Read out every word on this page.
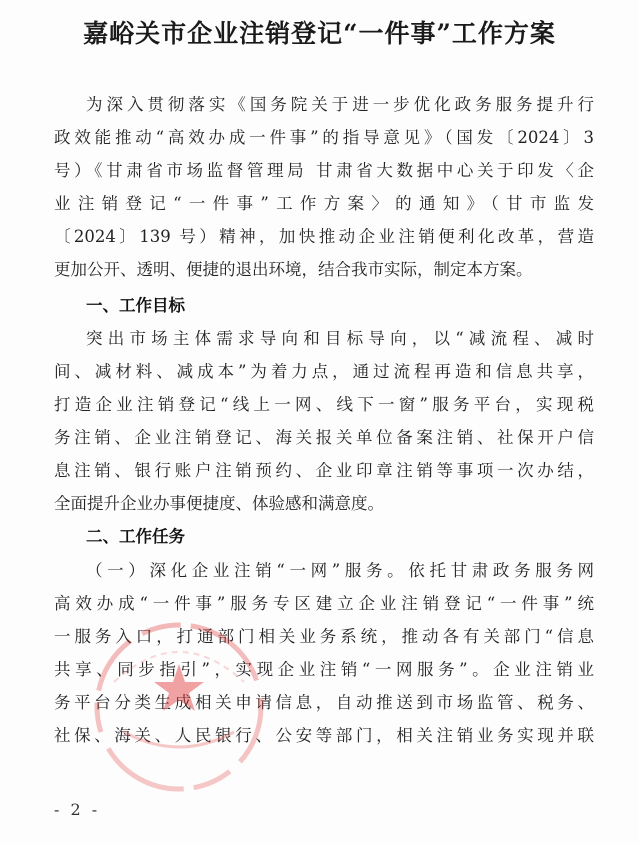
嘉峪关市企业注销登记“一件事”工作方案
为深入贯彻落实《国务院关于进一步优化政务服务提升行
政效能推动“高效办成一件事”的指导意见》（国发〔2024〕3
号）《甘肃省市场监督管理局 甘肃省大数据中心关于印发〈企
业注销登记“一件事”工作方案〉的通知》（甘市监发
〔2024〕139 号）精神，加快推动企业注销便利化改革，营造
更加公开、透明、便捷的退出环境，结合我市实际，制定本方案。
一、工作目标
突出市场主体需求导向和目标导向，以“减流程、减时
间、减材料、减成本”为着力点，通过流程再造和信息共享，
打造企业注销登记“线上一网、线下一窗”服务平台，实现税
务注销、企业注销登记、海关报关单位备案注销、社保开户信
息注销、银行账户注销预约、企业印章注销等事项一次办结，
全面提升企业办事便捷度、体验感和满意度。
二、工作任务
（一）深化企业注销“一网”服务。依托甘肃政务服务网
高效办成“一件事”服务专区建立企业注销登记“一件事”统
一服务入口，打通部门相关业务系统，推动各有关部门“信息
共享、同步指引”，实现企业注销“一网服务”。企业注销业
务平台分类生成相关申请信息，自动推送到市场监管、税务、
社保、海关、人民银行、公安等部门，相关注销业务实现并联
- 2 -
